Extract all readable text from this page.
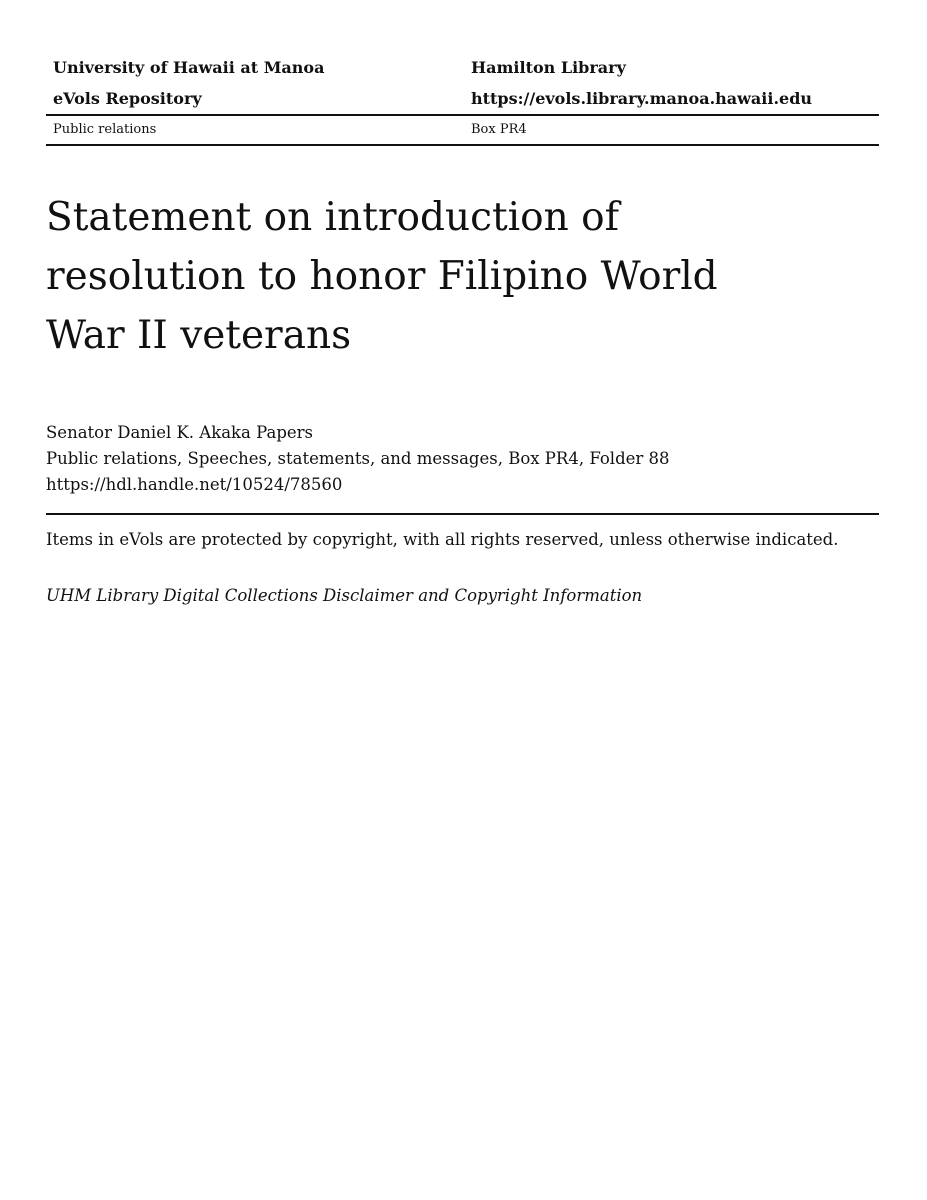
University of Hawaii at Manoa	Hamilton Library
eVols Repository	https://evols.library.manoa.hawaii.edu
Public relations	Box PR4
Statement on introduction of resolution to honor Filipino World War II veterans
Senator Daniel K. Akaka Papers
Public relations, Speeches, statements, and messages, Box PR4, Folder 88
https://hdl.handle.net/10524/78560
Items in eVols are protected by copyright, with all rights reserved, unless otherwise indicated.
UHM Library Digital Collections Disclaimer and Copyright Information
